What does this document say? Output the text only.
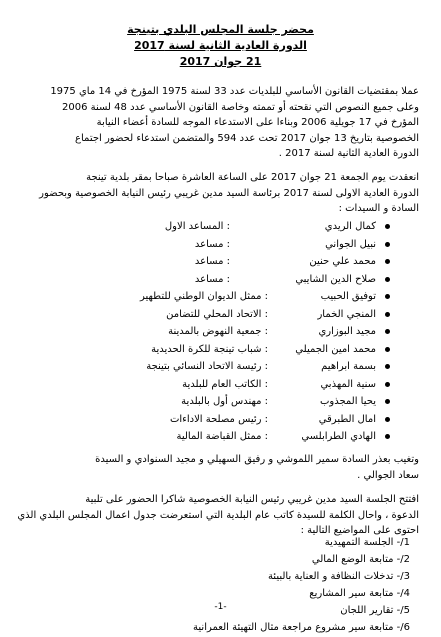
محضر جلسة المجلس البلدي بتينجة
الدورة العادية الثانية لسنة 2017
21 جوان 2017
عملا بمقتضيات القانون الأساسي للبلديات عدد 33 لسنة 1975 المؤرخ في 14 ماي 1975
وعلى جميع النصوص التي نقحته أو تممته وخاصة القانون الأساسي عدد 48 لسنة 2006
المؤرخ في 17 جويلية 2006 وبناءا على الاستدعاء الموجه للسادة أعضاء النيابة
الخصوصية بتاريخ 13 جوان 2017 تحت عدد 594 والمتضمن استدعاء لحضور اجتماع
الدورة العادية الثانية لسنة 2017 .
انعقدت يوم الجمعة 21 جوان 2017 على الساعة العاشرة صباحا بمقر بلدية تينجة
الدورة العادية الاولى لسنة 2017 برئاسة السيد مدين غريبي رئيس النيابة الخصوصية وبحضور
السادة و السيدات :
كمال الريدي
: المساعد الاول
نبيل الجواني
: مساعد
محمد علي حنين
: مساعد
صلاح الدين الشايبي
: مساعد
توفيق الحبيب
: ممثل الديوان الوطني للتطهير
المنجي الخمار
: الاتحاد المحلي للتضامن
مجيد البوزاري
: جمعية النهوض بالمدينة
محمد امين الجميلي
: شباب تينجة للكرة الحديدية
بسمة ابراهيم
: رئيسة الاتحاد النسائي بتينجة
سنية المهذبي
: الكاتب العام للبلدية
يحيا المجذوب
: مهندس أول بالبلدية
امال الطبرقي
: رئيس مصلحة الاداءات
الهادي الطرابلسي
: ممثل القباضة المالية
وتغيب بعذر السادة سمير اللموشي و رفيق السهيلي و مجيد السنوادي و السيدة
سعاد الجوالي .
افتتح الجلسة السيد مدين غريبي رئيس النيابة الخصوصية شاكرا الحضور على تلبية
الدعوة ، واحال الكلمة للسيدة كاتب عام البلدية التي استعرضت جدول اعمال المجلس البلدي الذي
احتوى على المواضيع التالية :
1/- الجلسة التمهيدية
2/- متابعة الوضع المالي
3/- تدخلات النظافة و العناية بالبيئة
4/- متابعة سير المشاريع
5/- تقارير اللجان
6/- متابعة سير مشروع مراجعة مثال التهيئة العمرانية
-1-
